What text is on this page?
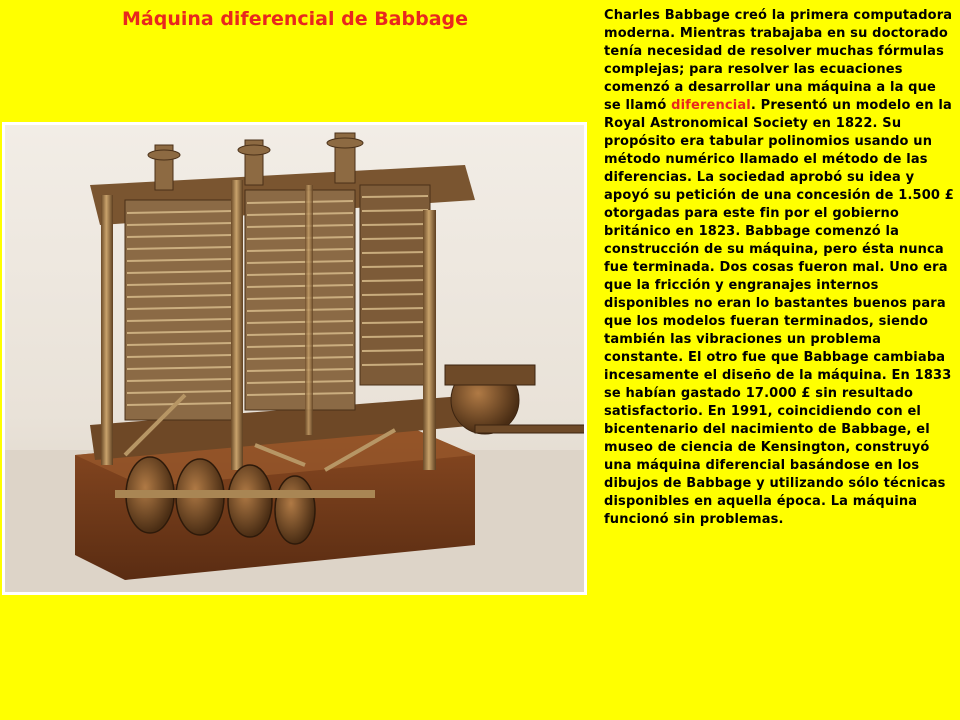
Máquina diferencial de Babbage	Charles Babbage creó la primera computadora moderna. Mientras trabajaba en su doctorado tenía necesidad de resolver muchas fórmulas complejas; para resolver las ecuaciones comenzó a desarrollar una máquina a la que se llamó diferencial. Presentó un modelo en la Royal Astronomical Society en 1822. Su propósito era tabular polinomios usando un método numérico llamado el método de las diferencias. La sociedad aprobó su idea y apoyó su petición de una concesión de 1.500 £ otorgadas para este fin por el gobierno británico en 1823. Babbage comenzó la construcción de su máquina, pero ésta nunca fue terminada. Dos cosas fueron mal. Uno era que la fricción y engranajes internos disponibles no eran lo bastantes buenos para que los modelos fueran terminados, siendo también las vibraciones un problema constante. El otro fue que Babbage cambiaba incesamente el diseño de la máquina. En 1833 se habían gastado 17.000 £ sin resultado satisfactorio. En 1991, coincidiendo con el bicentenario del nacimiento de Babbage, el museo de ciencia de Kensington, construyó una máquina diferencial basándose en los dibujos de Babbage y utilizando sólo técnicas disponibles en aquella época. La máquina funcionó sin problemas.
